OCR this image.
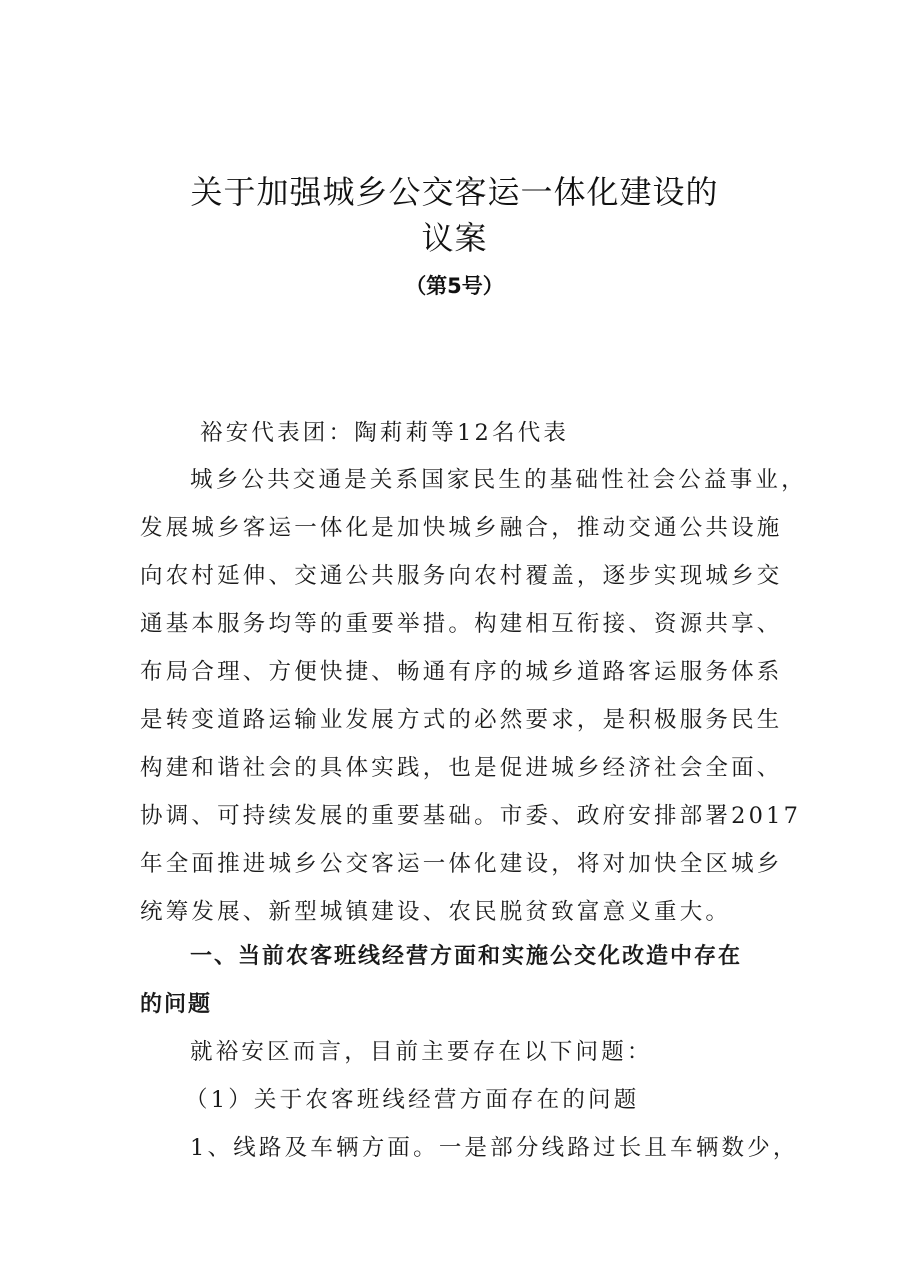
关于加强城乡公交客运一体化建设的
议案
（第5号）
裕安代表团：陶莉莉等12名代表
城乡公共交通是关系国家民生的基础性社会公益事业，
发展城乡客运一体化是加快城乡融合，推动交通公共设施
向农村延伸、交通公共服务向农村覆盖，逐步实现城乡交
通基本服务均等的重要举措。构建相互衔接、资源共享、
布局合理、方便快捷、畅通有序的城乡道路客运服务体系
是转变道路运输业发展方式的必然要求，是积极服务民生
构建和谐社会的具体实践，也是促进城乡经济社会全面、
协调、可持续发展的重要基础。市委、政府安排部署2017
年全面推进城乡公交客运一体化建设，将对加快全区城乡
统筹发展、新型城镇建设、农民脱贫致富意义重大。
一、当前农客班线经营方面和实施公交化改造中存在
的问题
就裕安区而言，目前主要存在以下问题：
（1）关于农客班线经营方面存在的问题
1、线路及车辆方面。一是部分线路过长且车辆数少，
